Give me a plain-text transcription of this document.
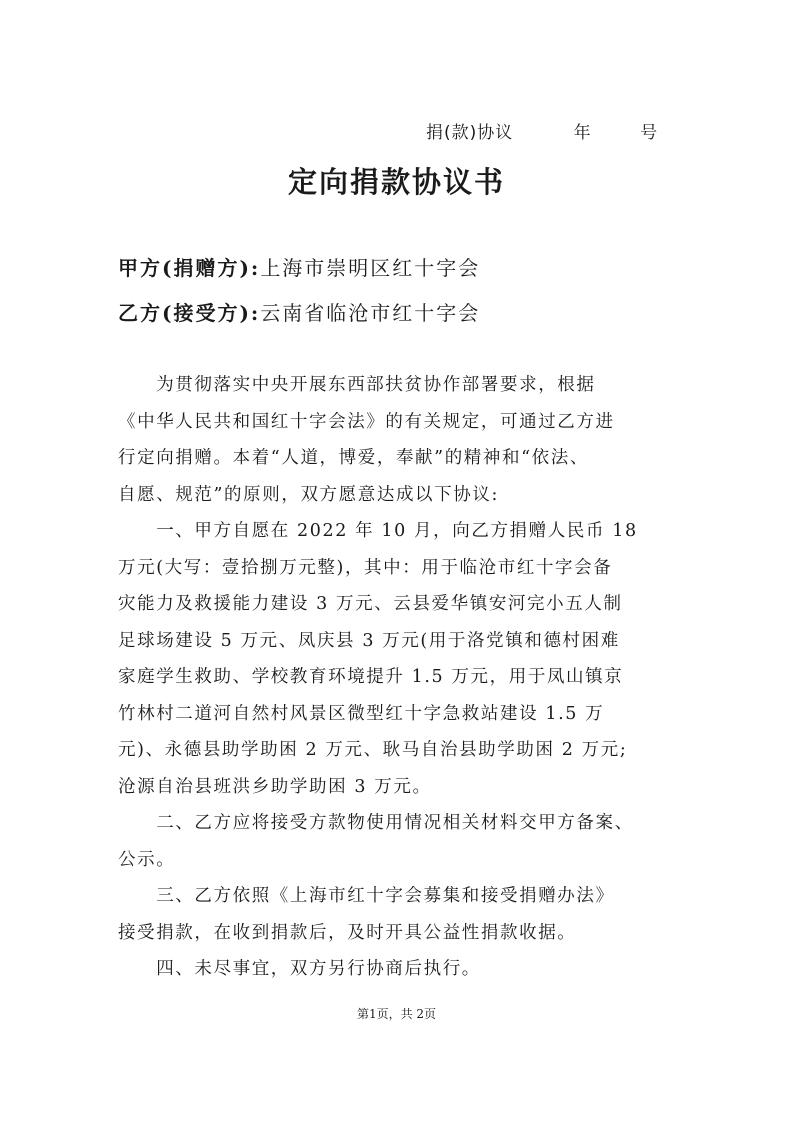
捐(款)协议	年	号
定向捐款协议书
甲方(捐赠方):上海市崇明区红十字会
乙方(接受方):云南省临沧市红十字会
　　为贯彻落实中央开展东西部扶贫协作部署要求，根据
《中华人民共和国红十字会法》的有关规定，可通过乙方进
行定向捐赠。本着“人道，博爱，奉献”的精神和“依法、
自愿、规范”的原则，双方愿意达成以下协议:
　　一、甲方自愿在 2022 年 10 月，向乙方捐赠人民币 18
万元(大写：壹拾捌万元整)，其中：用于临沧市红十字会备
灾能力及救援能力建设 3 万元、云县爱华镇安河完小五人制
足球场建设 5 万元、凤庆县 3 万元(用于洛党镇和德村困难
家庭学生救助、学校教育环境提升 1.5 万元，用于凤山镇京
竹林村二道河自然村风景区微型红十字急救站建设 1.5 万
元)、永德县助学助困 2 万元、耿马自治县助学助困 2 万元;
沧源自治县班洪乡助学助困 3 万元。
　　二、乙方应将接受方款物使用情况相关材料交甲方备案、
公示。
　　三、乙方依照《上海市红十字会募集和接受捐赠办法》
接受捐款，在收到捐款后，及时开具公益性捐款收据。
　　四、未尽事宜，双方另行协商后执行。
第1页，共 2页
